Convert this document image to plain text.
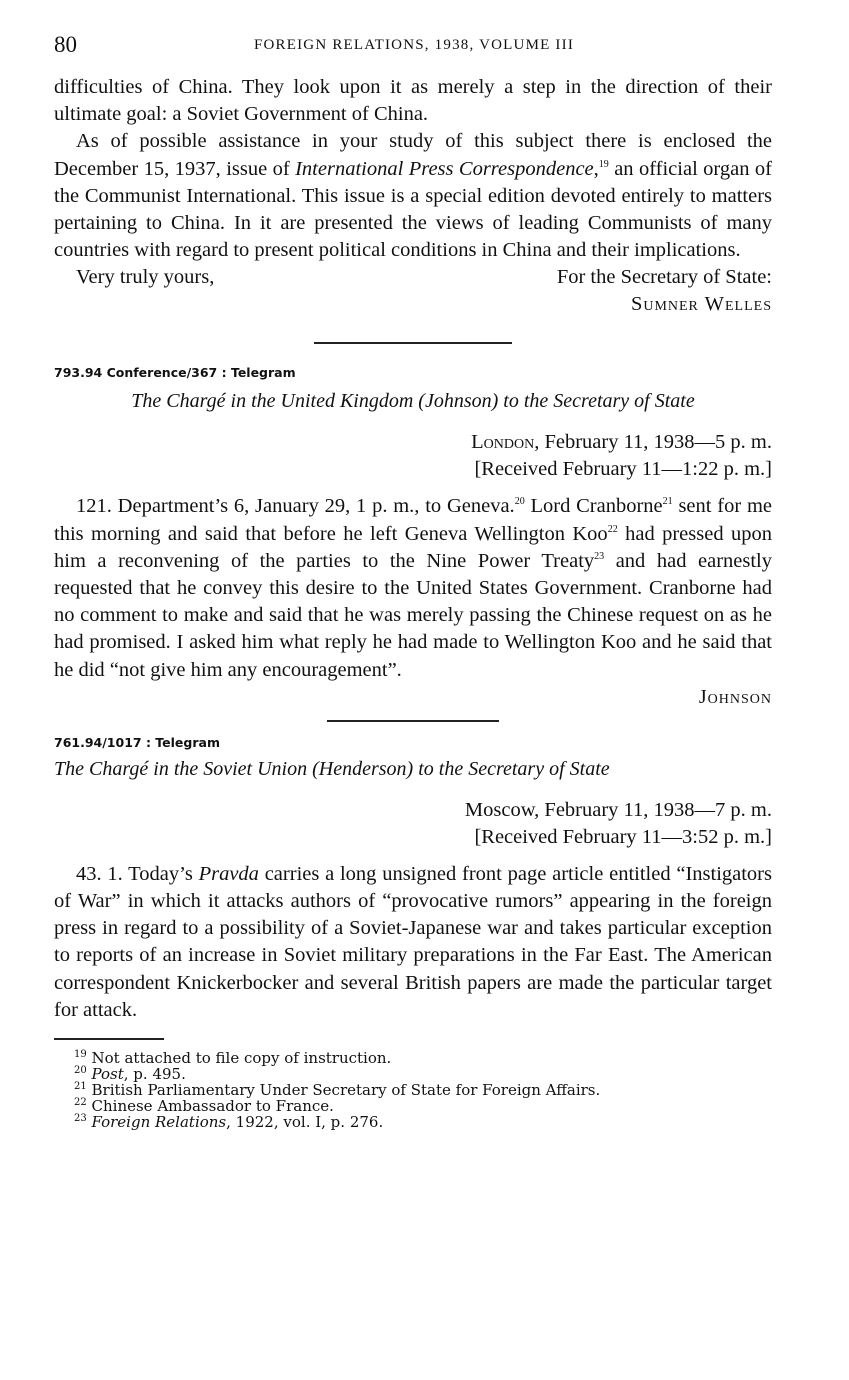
80	FOREIGN RELATIONS, 1938, VOLUME III

difficulties of China. They look upon it as merely a step in the direction of their ultimate goal: a Soviet Government of China.

As of possible assistance in your study of this subject there is enclosed the December 15, 1937, issue of International Press Correspondence,$^{19}$ an official organ of the Communist International. This issue is a special edition devoted entirely to matters pertaining to China. In it are presented the views of leading Communists of many countries with regard to present political conditions in China and their implications.

Very truly yours,	For the Secretary of State:
Sumner Welles

793.94 Conference/367 : Telegram

The Chargé in the United Kingdom (Johnson) to the Secretary of State

London, February 11, 1938—5 p. m.

[Received February 11—1:22 p. m.]

121. Department’s 6, January 29, 1 p. m., to Geneva.$^{20}$ Lord Cranborne$^{21}$ sent for me this morning and said that before he left Geneva Wellington Koo$^{22}$ had pressed upon him a reconvening of the parties to the Nine Power Treaty$^{23}$ and had earnestly requested that he convey this desire to the United States Government. Cranborne had no comment to make and said that he was merely passing the Chinese request on as he had promised. I asked him what reply he had made to Wellington Koo and he said that he did “not give him any encouragement”.

Johnson

761.94/1017 : Telegram

The Chargé in the Soviet Union (Henderson) to the Secretary of State

Moscow, February 11, 1938—7 p. m.

[Received February 11—3:52 p. m.]

43. 1. Today’s Pravda carries a long unsigned front page article entitled “Instigators of War” in which it attacks authors of “provocative rumors” appearing in the foreign press in regard to a possibility of a Soviet-Japanese war and takes particular exception to reports of an increase in Soviet military preparations in the Far East. The American correspondent Knickerbocker and several British papers are made the particular target for attack.

$^{19}$ Not attached to file copy of instruction.
$^{20}$ Post, p. 495.
$^{21}$ British Parliamentary Under Secretary of State for Foreign Affairs.
$^{22}$ Chinese Ambassador to France.
$^{23}$ Foreign Relations, 1922, vol. I, p. 276.
